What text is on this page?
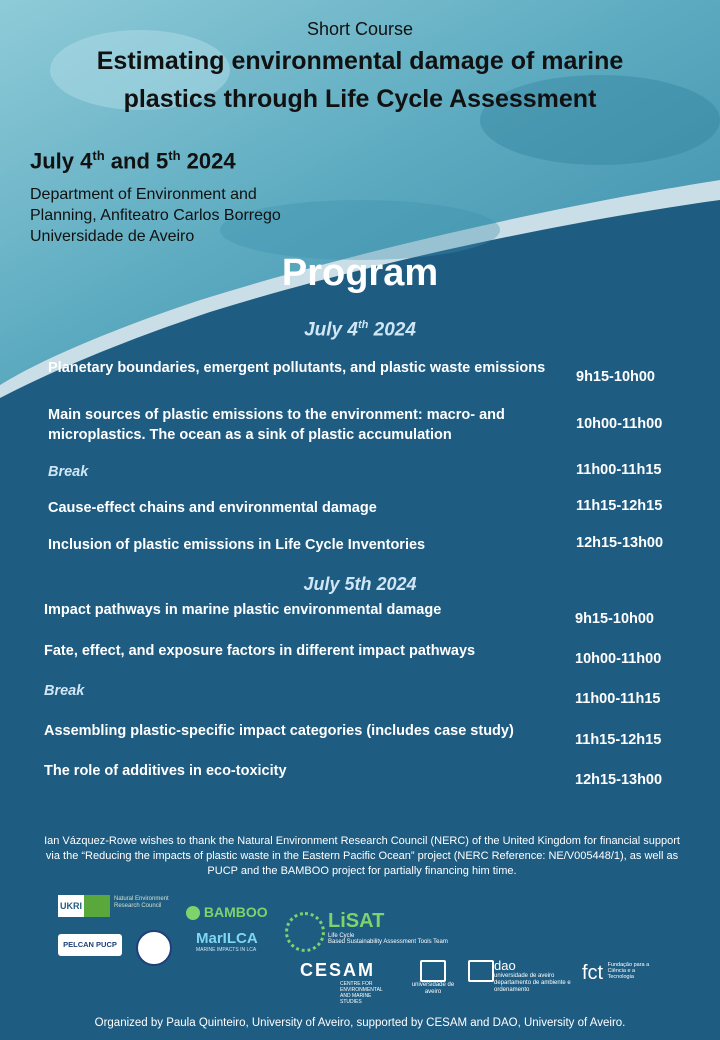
Short Course
Estimating environmental damage of marine
plastics through Life Cycle Assessment
July 4th and 5th 2024
Department of Environment and
Planning, Anfiteatro Carlos Borrego
Universidade de Aveiro
Program
July 4th 2024
Planetary boundaries, emergent pollutants, and plastic waste emissions
9h15-10h00
Main sources of plastic emissions to the environment: macro- and microplastics. The ocean as a sink of plastic accumulation
10h00-11h00
Break	11h00-11h15
Cause-effect chains and environmental damage	11h15-12h15
Inclusion of plastic emissions in Life Cycle Inventories	12h15-13h00
July 5th 2024
Impact pathways in marine plastic environmental damage
9h15-10h00
Fate, effect, and exposure factors in different impact pathways	10h00-11h00
Break	11h00-11h15
Assembling plastic-specific impact categories (includes case study)
11h15-12h15
The role of additives in eco-toxicity
12h15-13h00
Ian Vázquez-Rowe wishes to thank the Natural Environment Research Council (NERC) of the United Kingdom for financial support via the “Reducing the impacts of plastic waste in the Eastern Pacific Ocean” project (NERC Reference: NE/V005448/1), as well as PUCP and the BAMBOO project for partially financing him time.
UKRI
Natural Environment Research Council	BAMBOO
PELCAN PUCP	MarILCA
MARINE IMPACTS IN LCA
LiSAT
Life Cycle
Based Sustainability Assessment Tools Team
CESAM
CENTRE FOR ENVIRONMENTAL AND MARINE STUDIES
universidade de aveiro
dao
universidade de aveiro departamento de ambiente e ordenamento
fct Fundação para a Ciência e a Tecnologia
Organized by Paula Quinteiro, University of Aveiro, supported by CESAM and DAO, University of Aveiro.
